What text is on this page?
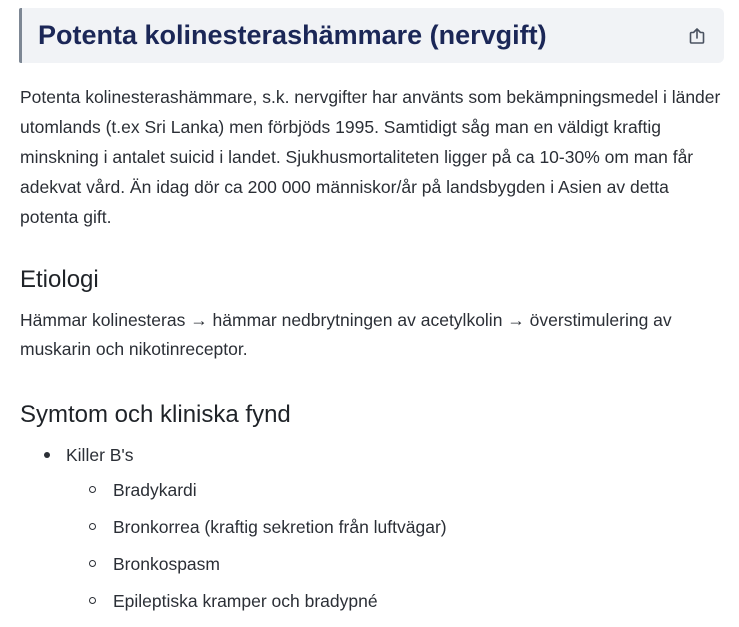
Potenta kolinesterashämmare (nervgift)

Potenta kolinesterashämmare, s.k. nervgifter har använts som bekämpningsmedel i länder utomlands (t.ex Sri Lanka) men förbjöds 1995. Samtidigt såg man en väldigt kraftig minskning i antalet suicid i landet. Sjukhusmortaliteten ligger på ca 10-30% om man får adekvat vård. Än idag dör ca 200 000 människor/år på landsbygden i Asien av detta potenta gift.

Etiologi

Hämmar kolinesteras → hämmar nedbrytningen av acetylkolin → överstimulering av muskarin och nikotinreceptor.

Symtom och kliniska fynd
Killer B's
Bradykardi
Bronkorrea (kraftig sekretion från luftvägar)
Bronkospasm
Epileptiska kramper och bradypné
